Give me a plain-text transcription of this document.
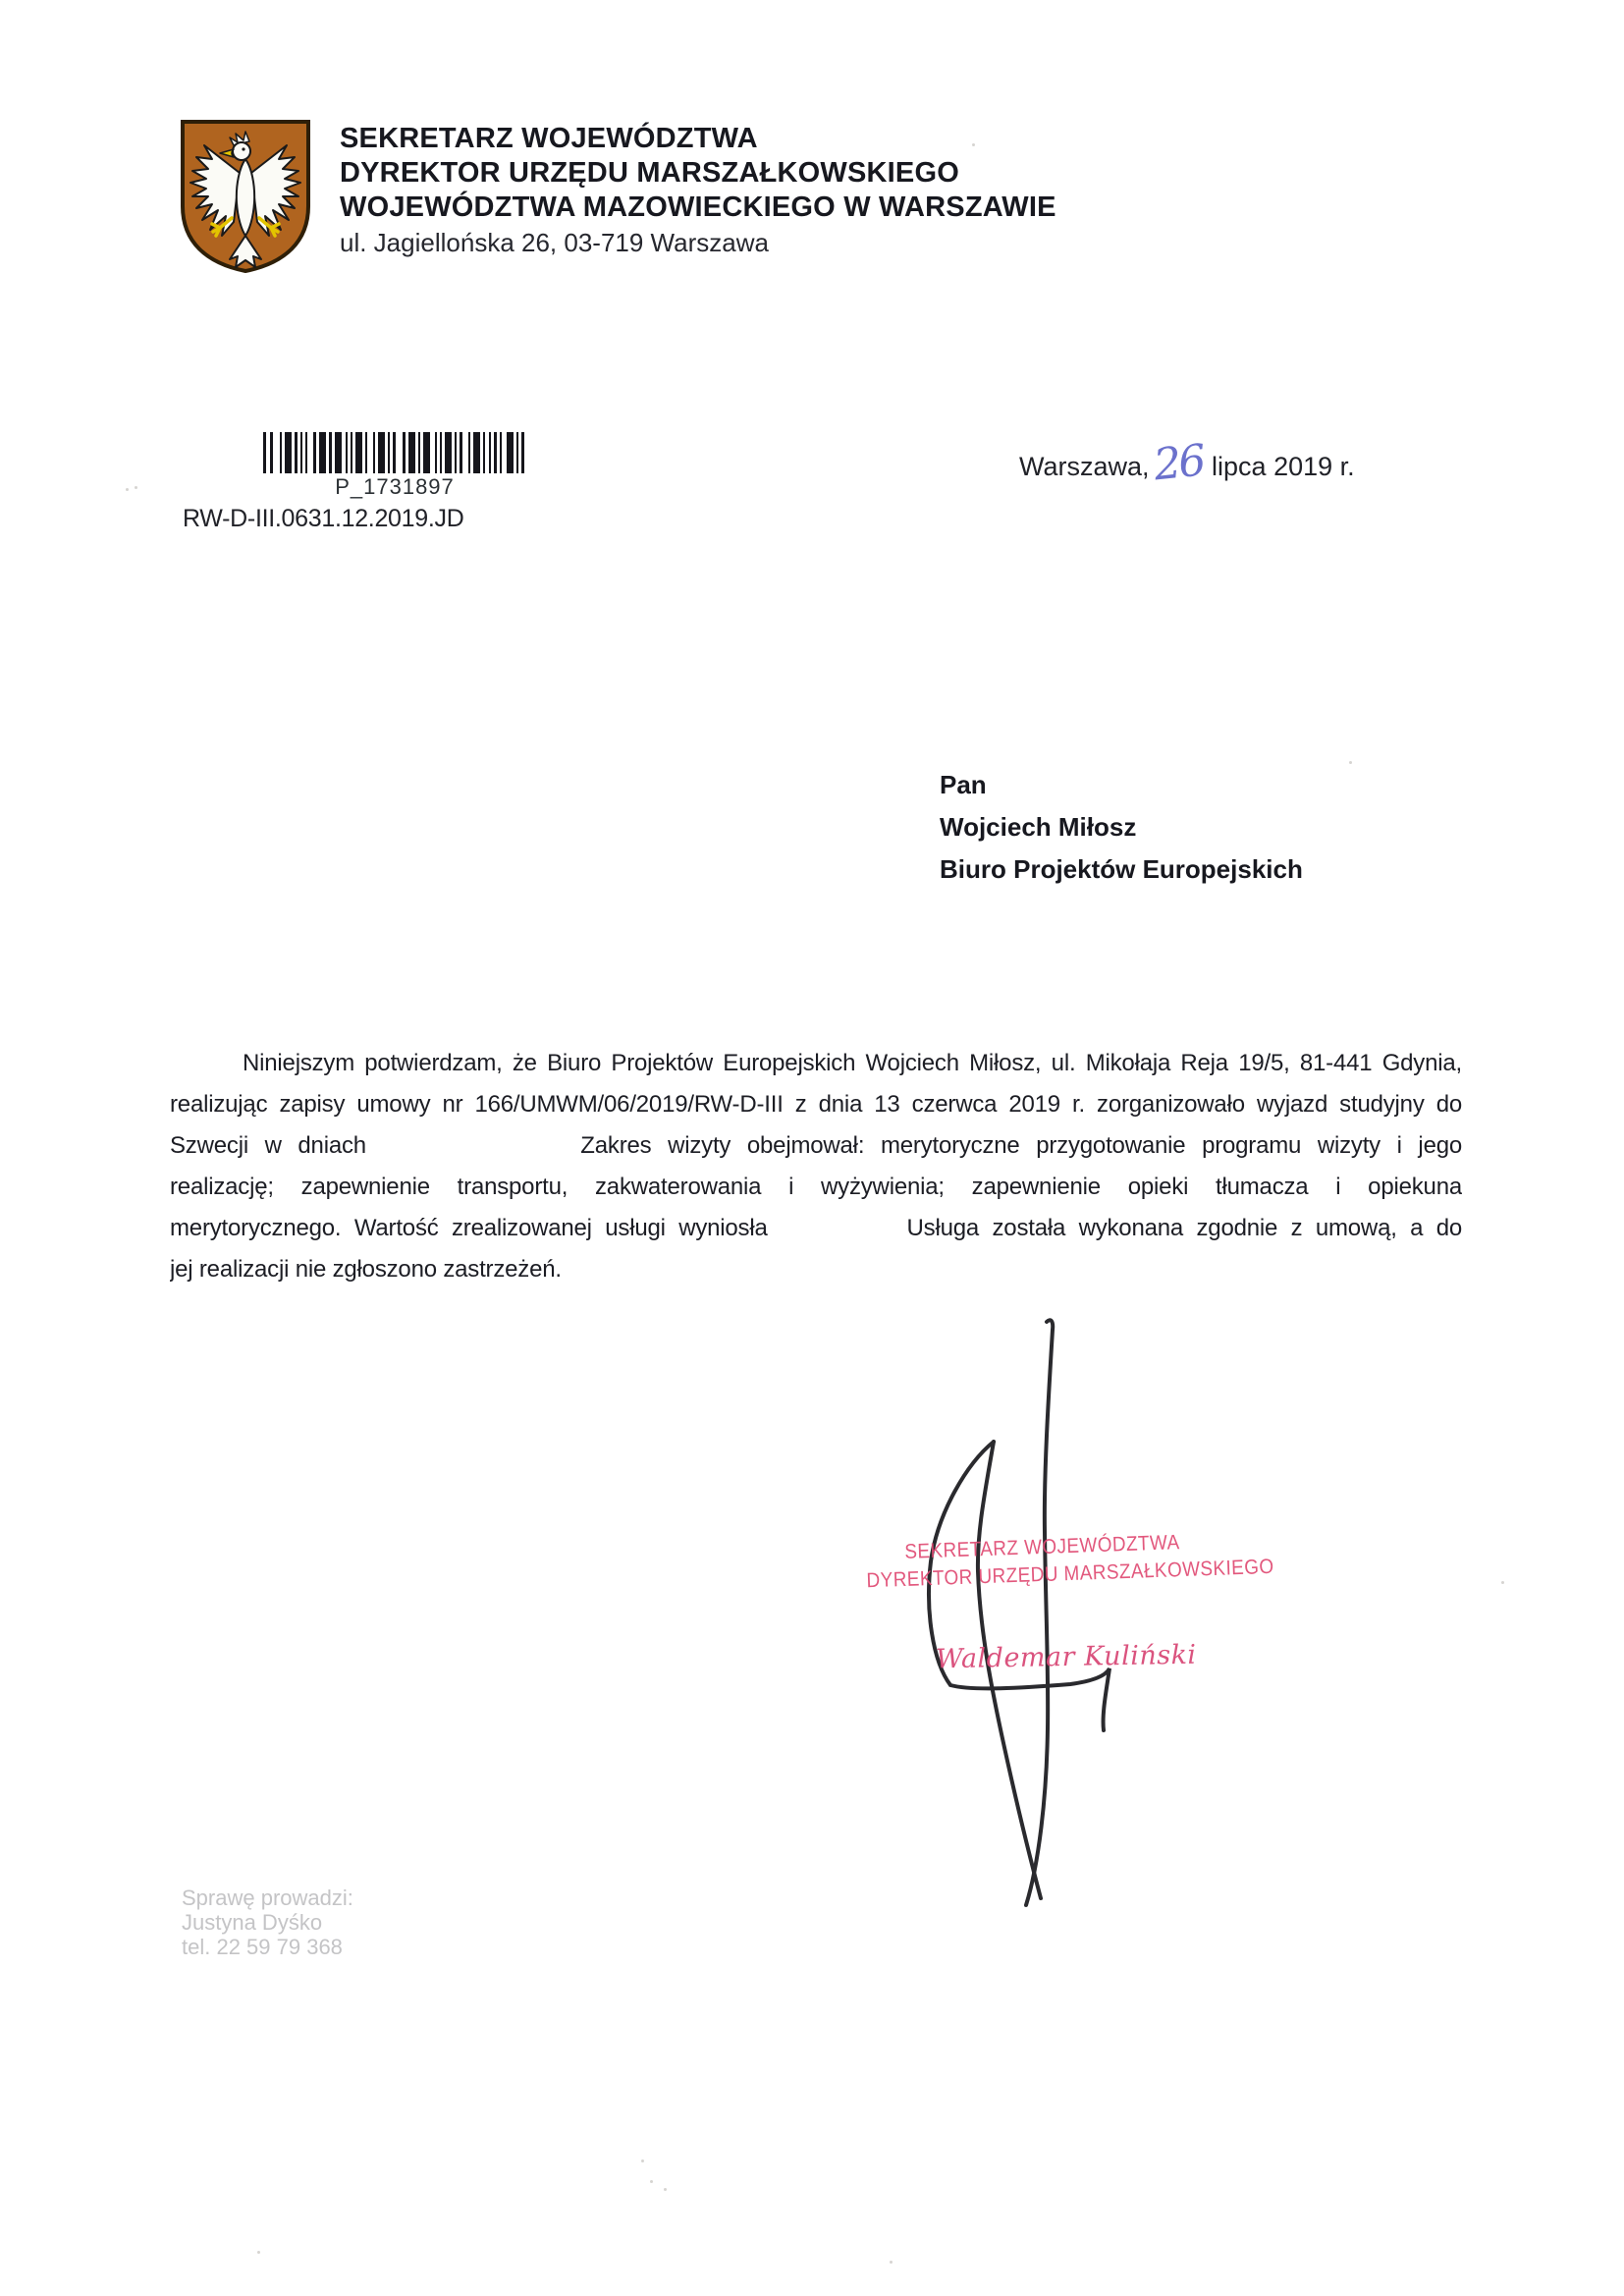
SEKRETARZ WOJEWÓDZTWA
DYREKTOR URZĘDU MARSZAŁKOWSKIEGO
WOJEWÓDZTWA MAZOWIECKIEGO W WARSZAWIE
ul. Jagiellońska 26, 03-719 Warszawa
P_1731897
RW-D-III.0631.12.2019.JD
Warszawa,26 lipca 2019 r.
Pan
Wojciech Miłosz
Biuro Projektów Europejskich

Niniejszym potwierdzam, że Biuro Projektów Europejskich Wojciech Miłosz, ul. Mikołaja Reja 19/5, 81-441 Gdynia,

realizując zapisy umowy nr 166/UMWM/06/2019/RW-D-III z dnia 13 czerwca 2019 r. zorganizowało wyjazd studyjny do

Szwecji w dniach	Zakres wizyty obejmował: merytoryczne przygotowanie programu wizyty i jego

realizację; zapewnienie transportu, zakwaterowania i wyżywienia; zapewnienie opieki tłumacza i opiekuna

merytorycznego. Wartość zrealizowanej usługi wyniosła	Usługa została wykonana zgodnie z umową, a do

jej realizacji nie zgłoszono zastrzeżeń.

SEKRETARZ WOJEWÓDZTWA
DYREKTOR URZĘDU MARSZAŁKOWSKIEGO
Waldemar Kuliński
Sprawę prowadzi:
Justyna Dyśko
tel. 22 59 79 368
